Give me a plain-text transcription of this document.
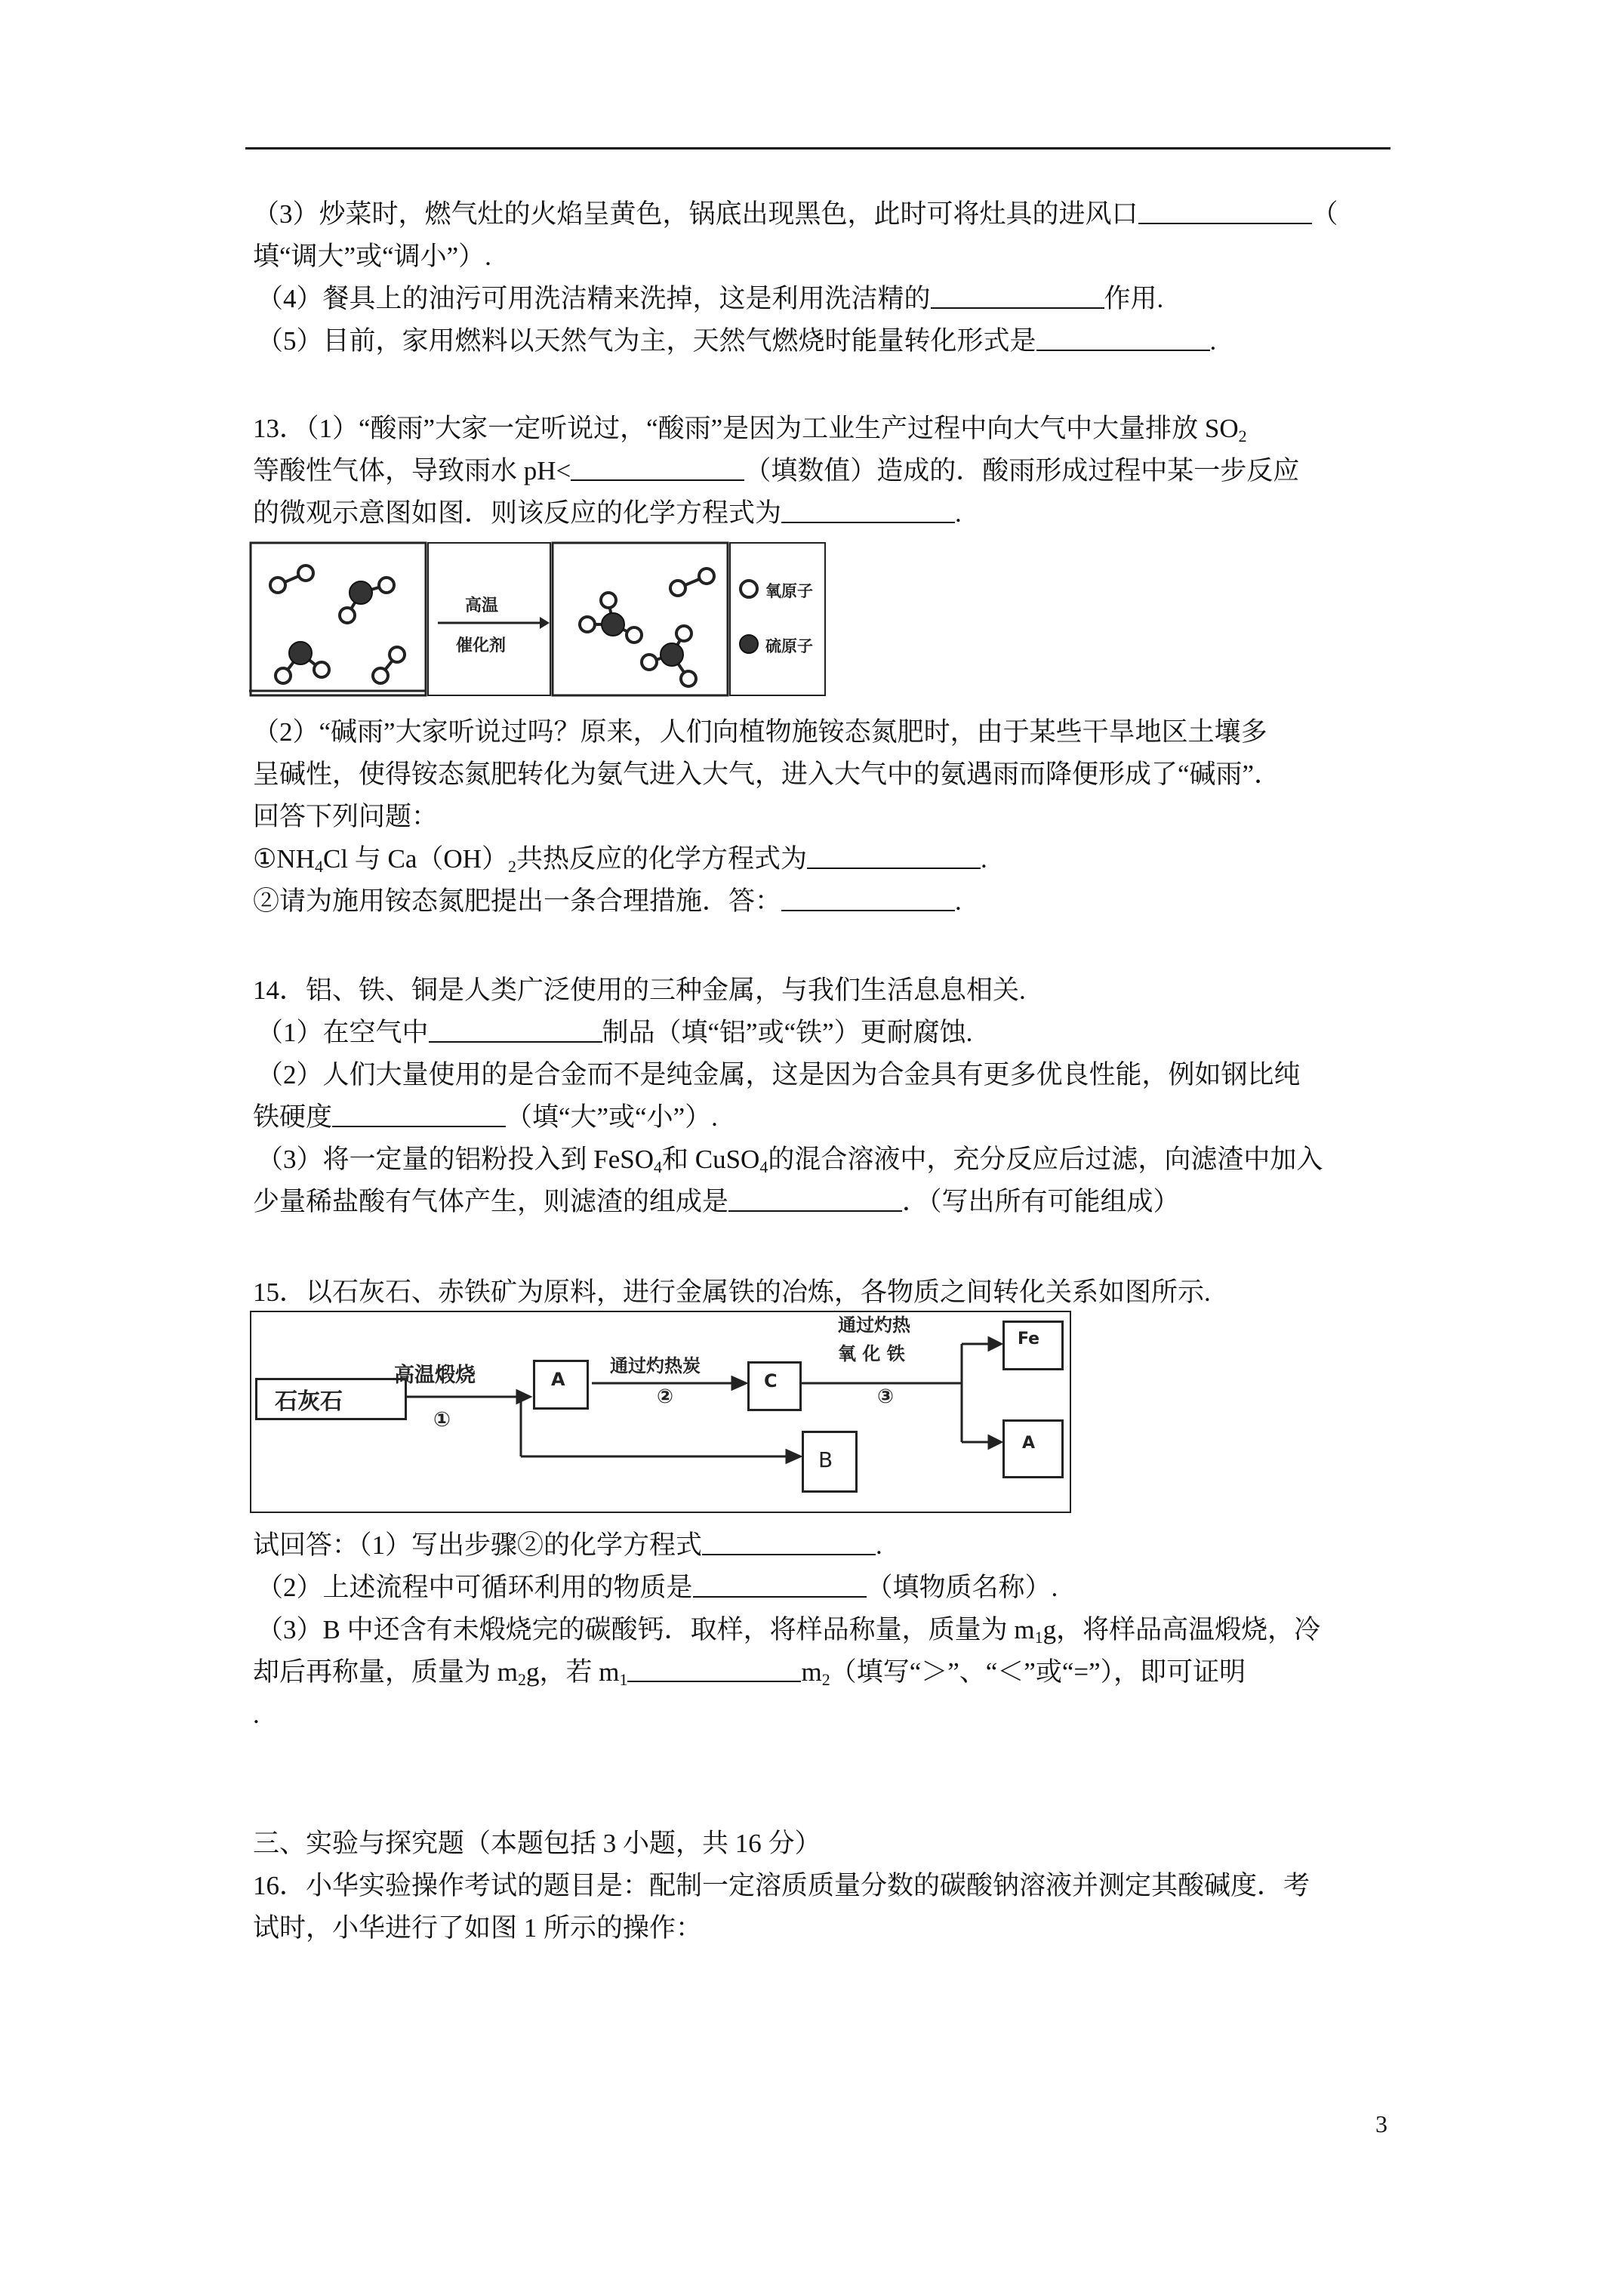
（3）炒菜时，燃气灶的火焰呈黄色，锅底出现黑色，此时可将灶具的进风口	（
填“调大”或“调小”）.
（4）餐具上的油污可用洗洁精来洗掉，这是利用洗洁精的	作用.
（5）目前，家用燃料以天然气为主，天然气燃烧时能量转化形式是	.
13．（1）“酸雨”大家一定听说过，“酸雨”是因为工业生产过程中向大气中大量排放 $SO_2$
等酸性气体，导致雨水 pH<	（填数值）造成的．酸雨形成过程中某一步反应
的微观示意图如图．则该反应的化学方程式为	.
高温
催化剂
氧原子
硫原子
（2）“碱雨”大家听说过吗？原来，人们向植物施铵态氮肥时，由于某些干旱地区土壤多
呈碱性，使得铵态氮肥转化为氨气进入大气，进入大气中的氨遇雨而降便形成了“碱雨”．
回答下列问题：
$①NH_4Cl$ 与 $Ca(OH)_2$共热反应的化学方程式为	.
②请为施用铵态氮肥提出一条合理措施．答：	.
14．铝、铁、铜是人类广泛使用的三种金属，与我们生活息息相关.
（1）在空气中	制品（填“铝”或“铁”）更耐腐蚀.
（2）人们大量使用的是合金而不是纯金属，这是因为合金具有更多优良性能，例如钢比纯
铁硬度	（填“大”或“小”）.
（3）将一定量的铝粉投入到 FeSO$_4$和 CuSO$_4$的混合溶液中，充分反应后过滤，向滤渣中加入
少量稀盐酸有气体产生，则滤渣的组成是	．（写出所有可能组成）
15．以石灰石、赤铁矿为原料，进行金属铁的冶炼，各物质之间转化关系如图所示.
石灰石
高温煅烧
①
A
通过灼热炭
②
C
通过灼热
氧 化 铁
③
Fe
A
B
试回答：（1）写出步骤②的化学方程式	.
（2）上述流程中可循环利用的物质是	（填物质名称）.
（3）B 中还含有未煅烧完的碳酸钙．取样，将样品称量，质量为 $m_1g$，将样品高温煅烧，冷
却后再称量，质量为 $m_2g$，若 $m_1$	$m_2$（填写“＞”、“＜”或“=”），即可证明
.
三、实验与探究题（本题包括 3 小题，共 16 分）
16．小华实验操作考试的题目是：配制一定溶质质量分数的碳酸钠溶液并测定其酸碱度．考
试时，小华进行了如图 1 所示的操作：
3
